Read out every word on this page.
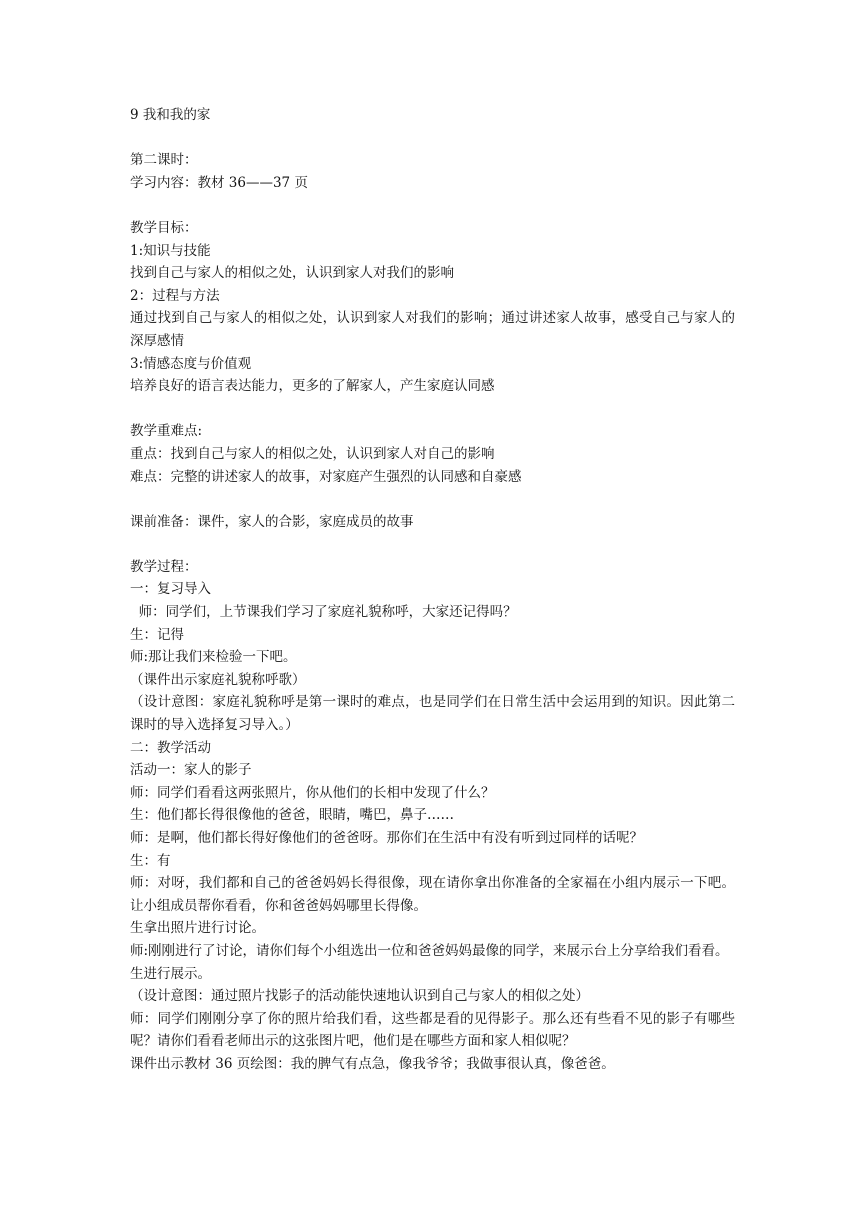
9 我和我的家
第二课时：
学习内容：教材 36——37 页
教学目标：
1:知识与技能
找到自己与家人的相似之处，认识到家人对我们的影响
2：过程与方法
通过找到自己与家人的相似之处，认识到家人对我们的影响；通过讲述家人故事，感受自己与家人的深厚感情
3:情感态度与价值观
培养良好的语言表达能力，更多的了解家人，产生家庭认同感
教学重难点:
重点：找到自己与家人的相似之处，认识到家人对自己的影响
难点：完整的讲述家人的故事，对家庭产生强烈的认同感和自豪感
课前准备：课件，家人的合影，家庭成员的故事
教学过程：
一：复习导入
师：同学们，上节课我们学习了家庭礼貌称呼，大家还记得吗？
生：记得
师:那让我们来检验一下吧。
（课件出示家庭礼貌称呼歌）
（设计意图：家庭礼貌称呼是第一课时的难点，也是同学们在日常生活中会运用到的知识。因此第二课时的导入选择复习导入。）
二：教学活动
活动一：家人的影子
师：同学们看看这两张照片，你从他们的长相中发现了什么？
生：他们都长得很像他的爸爸，眼睛，嘴巴，鼻子……
师：是啊，他们都长得好像他们的爸爸呀。那你们在生活中有没有听到过同样的话呢？
生：有
师：对呀，我们都和自己的爸爸妈妈长得很像，现在请你拿出你准备的全家福在小组内展示一下吧。让小组成员帮你看看，你和爸爸妈妈哪里长得像。
生拿出照片进行讨论。
师:刚刚进行了讨论，请你们每个小组选出一位和爸爸妈妈最像的同学，来展示台上分享给我们看看。
生进行展示。
（设计意图：通过照片找影子的活动能快速地认识到自己与家人的相似之处）
师：同学们刚刚分享了你的照片给我们看，这些都是看的见得影子。那么还有些看不见的影子有哪些呢？请你们看看老师出示的这张图片吧，他们是在哪些方面和家人相似呢？
课件出示教材 36 页绘图：我的脾气有点急，像我爷爷；我做事很认真，像爸爸。
